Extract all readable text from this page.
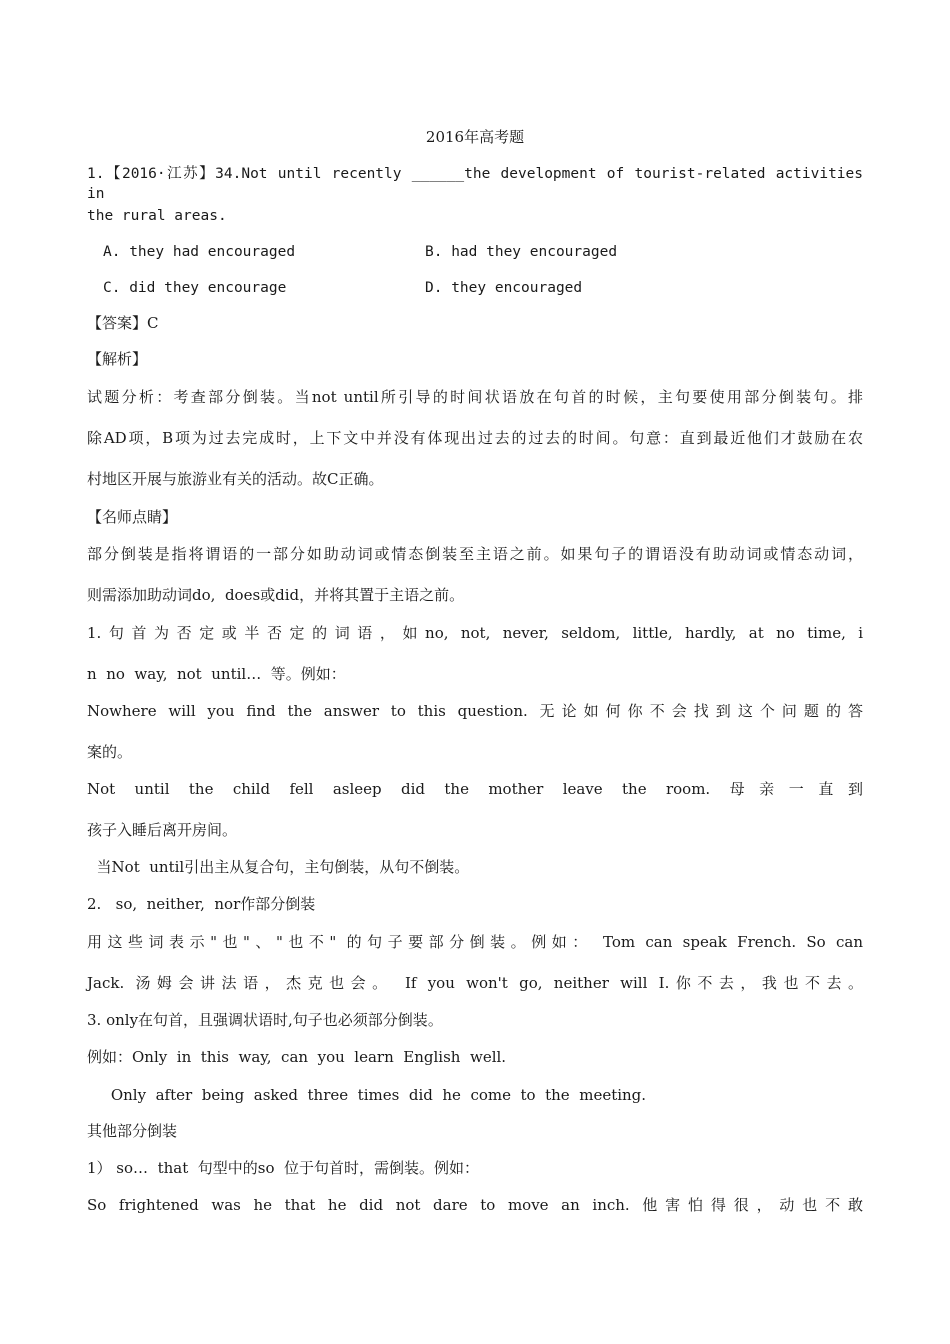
2016年高考题
1.【2016·江苏】34.Not until recently ______the development of tourist-related activities in
the rural areas.
A. they had encouraged	B. had they encouraged
C. did they encourage	D. they encouraged
【答案】C
【解析】
试题分析：考查部分倒装。当not until所引导的时间状语放在句首的时候，主句要使用部分倒装句。排
除AD项，B项为过去完成时，上下文中并没有体现出过去的过去的时间。句意：直到最近他们才鼓励在农
村地区开展与旅游业有关的活动。故C正确。
【名师点睛】
部分倒装是指将谓语的一部分如助动词或情态倒装至主语之前。如果句子的谓语没有助动词或情态动词，
则需添加助动词do,  does或did，并将其置于主语之前。
1.句首为否定或半否定的词语，如no, not, never, seldom, little, hardly, at no time, i
n  no  way,  not  until…  等。例如：
Nowhere will you find the answer to this question. 无论如何你不会找到这个问题的答
案的。
Not until the child fell asleep did the mother leave the room. 母亲一直到
孩子入睡后离开房间。
当Not  until引出主从复合句，主句倒装，从句不倒装。
2.   so,  neither,  nor作部分倒装
用这些词表示"也"、"也不" 的句子要部分倒装。例如： Tom can speak French. So can
Jack. 汤姆会讲法语，杰克也会。 If you won't go, neither will I.你不去，我也不去。
3. only在句首，且强调状语时,句子也必须部分倒装。
例如：Only  in  this  way,  can  you  learn  English  well.
Only  after  being  asked  three  times  did  he  come  to  the  meeting.
其他部分倒装
1） so…  that  句型中的so  位于句首时，需倒装。例如：
So frightened was he that he did not dare to move an inch. 他害怕得很，动也不敢
